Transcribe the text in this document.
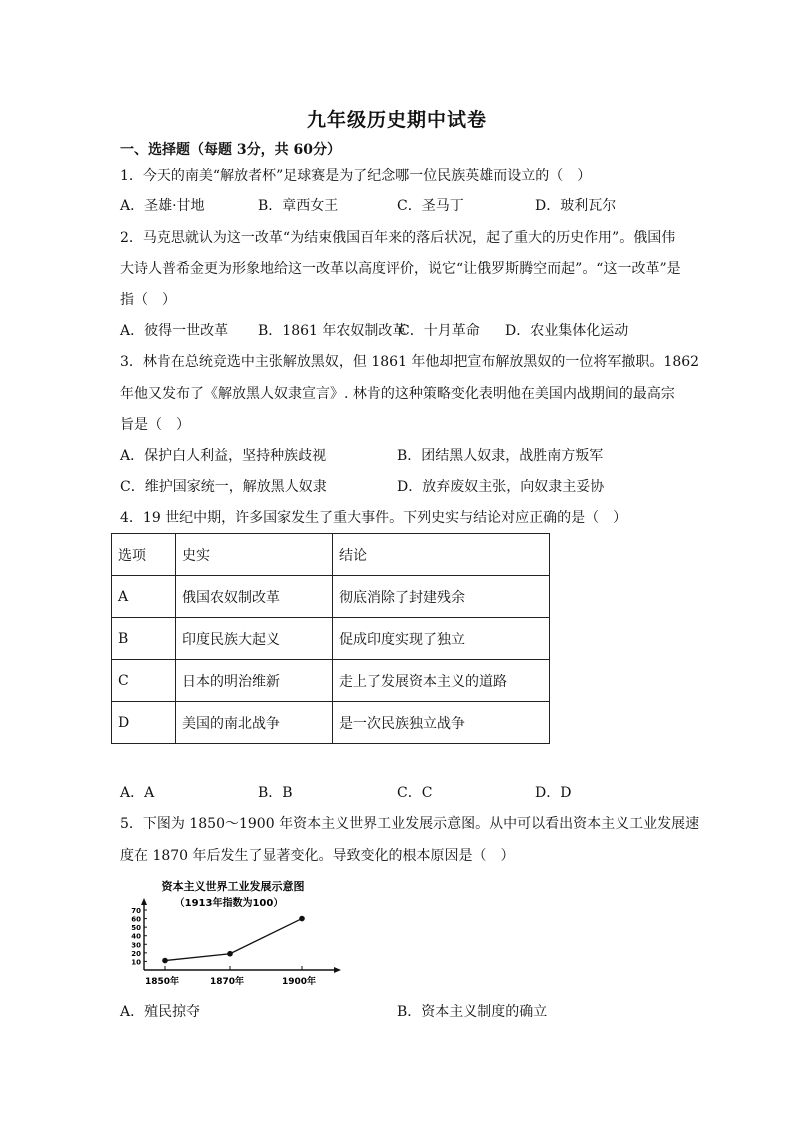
九年级历史期中试卷
一、选择题（每题 3分，共 60分）
1．今天的南美“解放者杯”足球赛是为了纪念哪一位民族英雄而设立的（　）
A．圣雄·甘地	B．章西女王	C．圣马丁	D．玻利瓦尔
2．马克思就认为这一改革“为结束俄国百年来的落后状况，起了重大的历史作用”。俄国伟
大诗人普希金更为形象地给这一改革以高度评价，说它“让俄罗斯腾空而起”。“这一改革”是
指（　）
A．彼得一世改革 B．1861 年农奴制改革
C．十月革命 D．农业集体化运动
3．林肯在总统竞选中主张解放黑奴，但 1861 年他却把宣布解放黑奴的一位将军撤职。1862
年他又发布了《解放黑人奴隶宣言》. 林肯的这种策略变化表明他在美国内战期间的最高宗
旨是（　）
A．保护白人利益，坚持种族歧视	B．团结黑人奴隶，战胜南方叛军
C．维护国家统一，解放黑人奴隶	D．放弃废奴主张，向奴隶主妥协
4．19 世纪中期，许多国家发生了重大事件。下列史实与结论对应正确的是（　）
选项	史实	结论
A	俄国农奴制改革	彻底消除了封建残余
B	印度民族大起义	促成印度实现了独立
C	日本的明治维新	走上了发展资本主义的道路
D	美国的南北战争	是一次民族独立战争
A．A	B．B	C．C	D．D
5．下图为 1850～1900 年资本主义世界工业发展示意图。从中可以看出资本主义工业发展速
度在 1870 年后发生了显著变化。导致变化的根本原因是（　）
资本主义世界工业发展示意图
（1913年指数为100）
10
20
30
40
50
60
70
1850年	1870年	1900年
A．殖民掠夺	B．资本主义制度的确立
